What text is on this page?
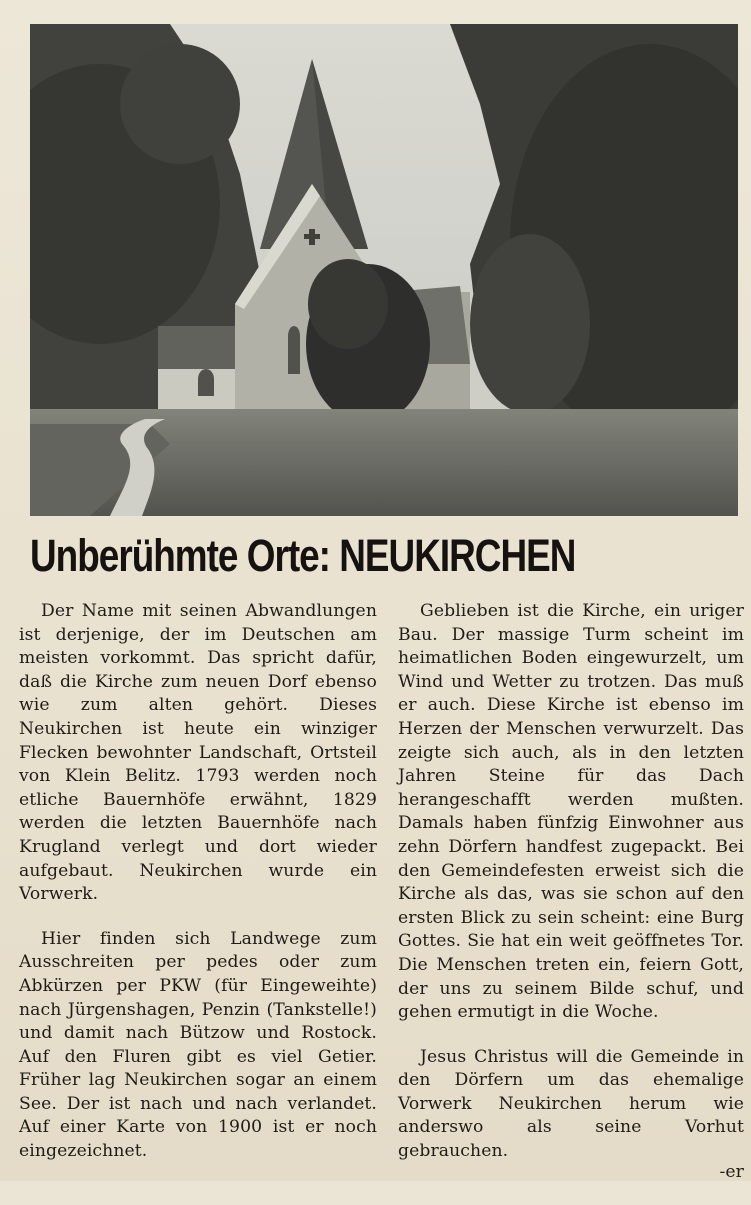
Unberühmte Orte: NEUKIRCHEN

Der Name mit seinen Abwandlungen ist derjenige, der im Deutschen am meisten vorkommt. Das spricht dafür, daß die Kirche zum neuen Dorf ebenso wie zum alten gehört. Dieses Neukirchen ist heute ein winziger Flecken bewohnter Landschaft, Ortsteil von Klein Belitz. 1793 werden noch etliche Bauernhöfe erwähnt, 1829 werden die letzten Bauernhöfe nach Krugland verlegt und dort wieder aufgebaut. Neukirchen wurde ein Vorwerk.

Hier finden sich Landwege zum Ausschreiten per pedes oder zum Abkürzen per PKW (für Eingeweihte) nach Jürgenshagen, Penzin (Tankstelle!) und damit nach Bützow und Rostock. Auf den Fluren gibt es viel Getier. Früher lag Neukirchen sogar an einem See. Der ist nach und nach verlandet. Auf einer Karte von 1900 ist er noch eingezeichnet.

Geblieben ist die Kirche, ein uriger Bau. Der massige Turm scheint im heimatlichen Boden eingewurzelt, um Wind und Wetter zu trotzen. Das muß er auch. Diese Kirche ist ebenso im Herzen der Menschen verwurzelt. Das zeigte sich auch, als in den letzten Jahren Steine für das Dach herangeschafft werden mußten. Damals haben fünfzig Einwohner aus zehn Dörfern handfest zugepackt. Bei den Gemeindefesten erweist sich die Kirche als das, was sie schon auf den ersten Blick zu sein scheint: eine Burg Gottes. Sie hat ein weit geöffnetes Tor. Die Menschen treten ein, feiern Gott, der uns zu seinem Bilde schuf, und gehen ermutigt in die Woche.

Jesus Christus will die Gemeinde in den Dörfern um das ehemalige Vorwerk Neukirchen herum wie anderswo als seine Vorhut gebrauchen.

-er
